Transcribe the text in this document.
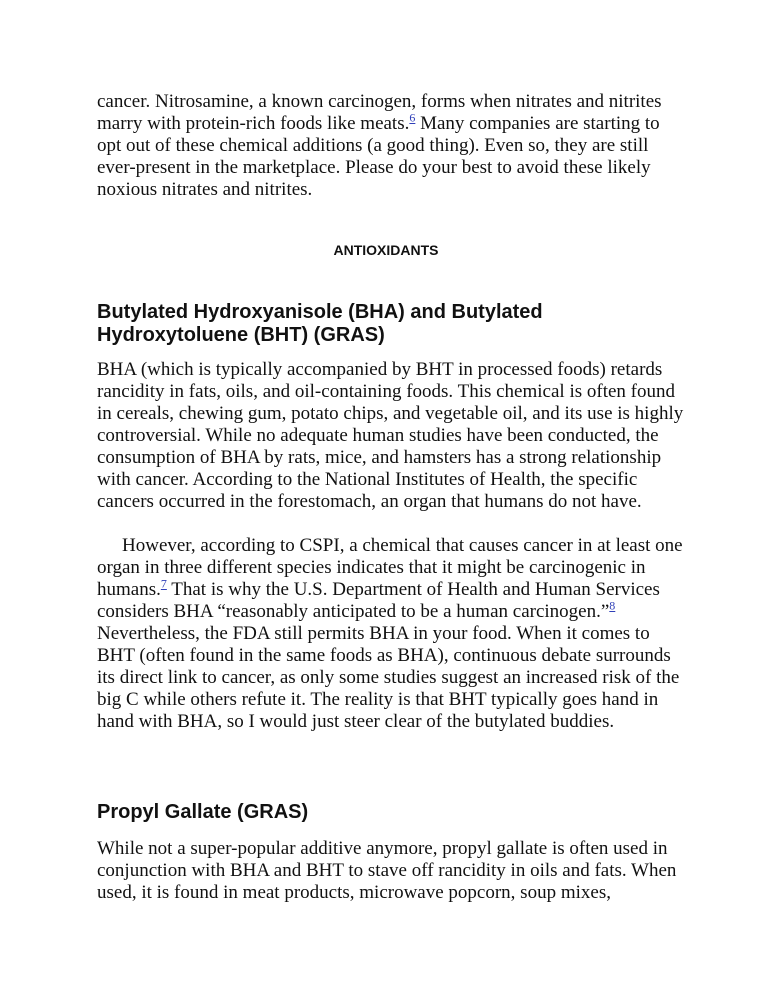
cancer. Nitrosamine, a known carcinogen, forms when nitrates and nitrites marry with protein-rich foods like meats.$^6$ Many companies are starting to opt out of these chemical additions (a good thing). Even so, they are still ever-present in the marketplace. Please do your best to avoid these likely noxious nitrates and nitrites.

ANTIOXIDANTS

Butylated Hydroxyanisole (BHA) and Butylated Hydroxytoluene (BHT) (GRAS)

BHA (which is typically accompanied by BHT in processed foods) retards rancidity in fats, oils, and oil-containing foods. This chemical is often found in cereals, chewing gum, potato chips, and vegetable oil, and its use is highly controversial. While no adequate human studies have been conducted, the consumption of BHA by rats, mice, and hamsters has a strong relationship with cancer. According to the National Institutes of Health, the specific cancers occurred in the forestomach, an organ that humans do not have.

However, according to CSPI, a chemical that causes cancer in at least one organ in three different species indicates that it might be carcinogenic in humans.$^7$ That is why the U.S. Department of Health and Human Services considers BHA “reasonably anticipated to be a human carcinogen.”$^8$ Nevertheless, the FDA still permits BHA in your food. When it comes to BHT (often found in the same foods as BHA), continuous debate surrounds its direct link to cancer, as only some studies suggest an increased risk of the big C while others refute it. The reality is that BHT typically goes hand in hand with BHA, so I would just steer clear of the butylated buddies.

Propyl Gallate (GRAS)

While not a super-popular additive anymore, propyl gallate is often used in conjunction with BHA and BHT to stave off rancidity in oils and fats. When used, it is found in meat products, microwave popcorn, soup mixes,
